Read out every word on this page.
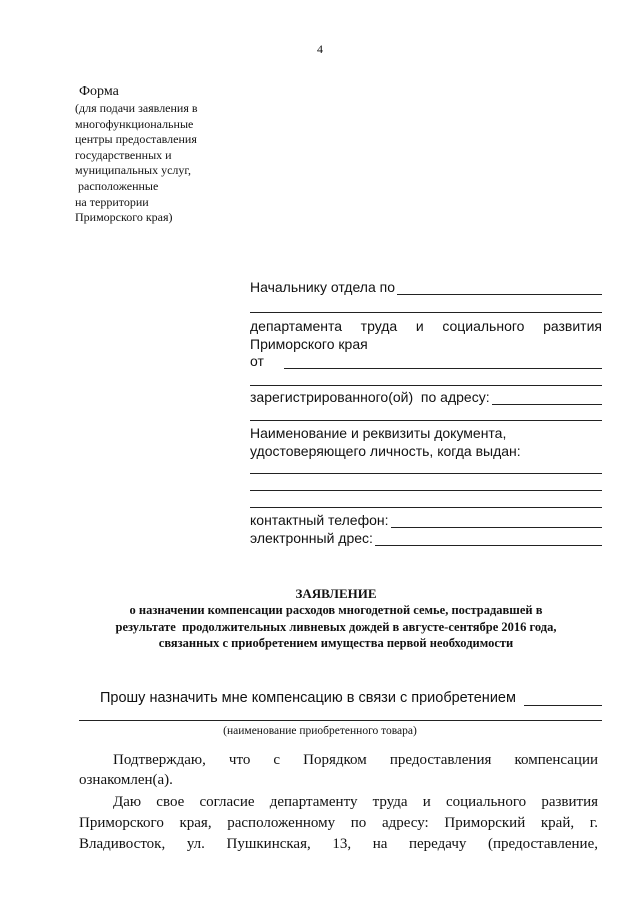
4
Форма
(для подачи заявления в
многофункциональные
центры предоставления
государственных и
муниципальных услуг,
расположенные
на территории
Приморского края)
Начальнику отдела по
департамента   труда   и   социального   развития
Приморского края
от
зарегистрированного(ой)  по адресу:
Наименование и реквизиты документа,
удостоверяющего личность, когда выдан:
контактный телефон:
электронный дрес:
ЗАЯВЛЕНИЕ
о назначении компенсации расходов многодетной семье, пострадавшей в
результате  продолжительных ливневых дождей в августе-сентябре 2016 года,
связанных с приобретением имущества первой необходимости
Прошу назначить мне компенсацию в связи с приобретением
(наименование приобретенного товара)
Подтверждаю,   что   с   Порядком   предоставления   компенсации
ознакомлен(а).
Даю   свое   согласие   департаменту   труда   и   социального   развития
Приморского   края,   расположенному   по   адресу:   Приморский   край,   г.
Владивосток,   ул.   Пушкинская,   13,   на   передачу   (предоставление,
